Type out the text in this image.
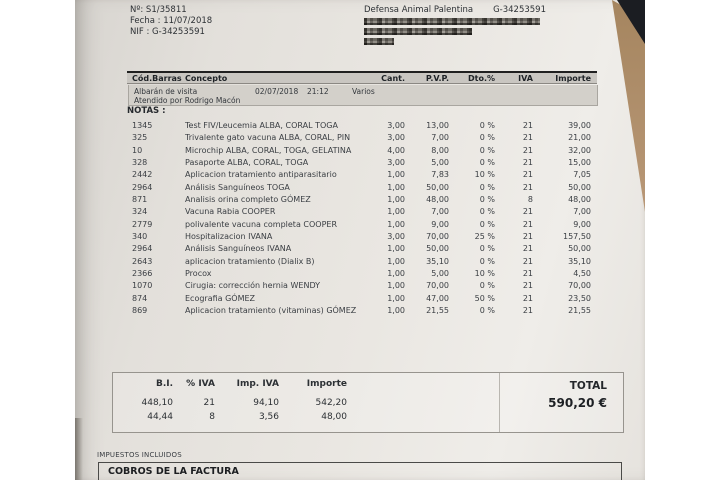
Nº: S1/35811
Fecha : 11/07/2018
NIF : G-34253591
Defensa Animal Palentina G-34253591
Cód.Barras Concepto	Cant.	P.V.P.	Dto.%	IVA	Importe
Albarán de visita	02/07/2018 21:12	Varios
Atendido por Rodrigo Macón
NOTAS :
1345	Test FIV/Leucemia ALBA, CORAL TOGA	3,00	13,00	0 %	21	39,00
325	Trivalente gato vacuna ALBA, CORAL, PIN	3,00	7,00	0 %	21	21,00
10	Microchip ALBA, CORAL, TOGA, GELATINA	4,00	8,00	0 %	21	32,00
328	Pasaporte ALBA, CORAL, TOGA	3,00	5,00	0 %	21	15,00
2442	Aplicacion tratamiento antiparasitario	1,00	7,83	10 %	21	7,05
2964	Análisis Sanguíneos TOGA	1,00	50,00	0 %	21	50,00
871	Analisis orina completo GÓMEZ	1,00	48,00	0 %	8	48,00
324	Vacuna Rabia COOPER	1,00	7,00	0 %	21	7,00
2779	polivalente vacuna completa COOPER	1,00	9,00	0 %	21	9,00
340	Hospitalizacion IVANA	3,00	70,00	25 %	21	157,50
2964	Análisis Sanguíneos IVANA	1,00	50,00	0 %	21	50,00
2643	aplicacion tratamiento (Dialix B)	1,00	35,10	0 %	21	35,10
2366	Procox	1,00	5,00	10 %	21	4,50
1070	Cirugia: corrección hernia WENDY	1,00	70,00	0 %	21	70,00
874	Ecografia GÓMEZ	1,00	47,00	50 %	21	23,50
869	Aplicacion tratamiento (vitaminas) GÓMEZ	1,00	21,55	0 %	21	21,55
B.I.	% IVA	Imp. IVA	Importe
448,10	21	94,10	542,20
44,44	8	3,56	48,00
TOTAL
590,20 €
IMPUESTOS INCLUIDOS
COBROS DE LA FACTURA
